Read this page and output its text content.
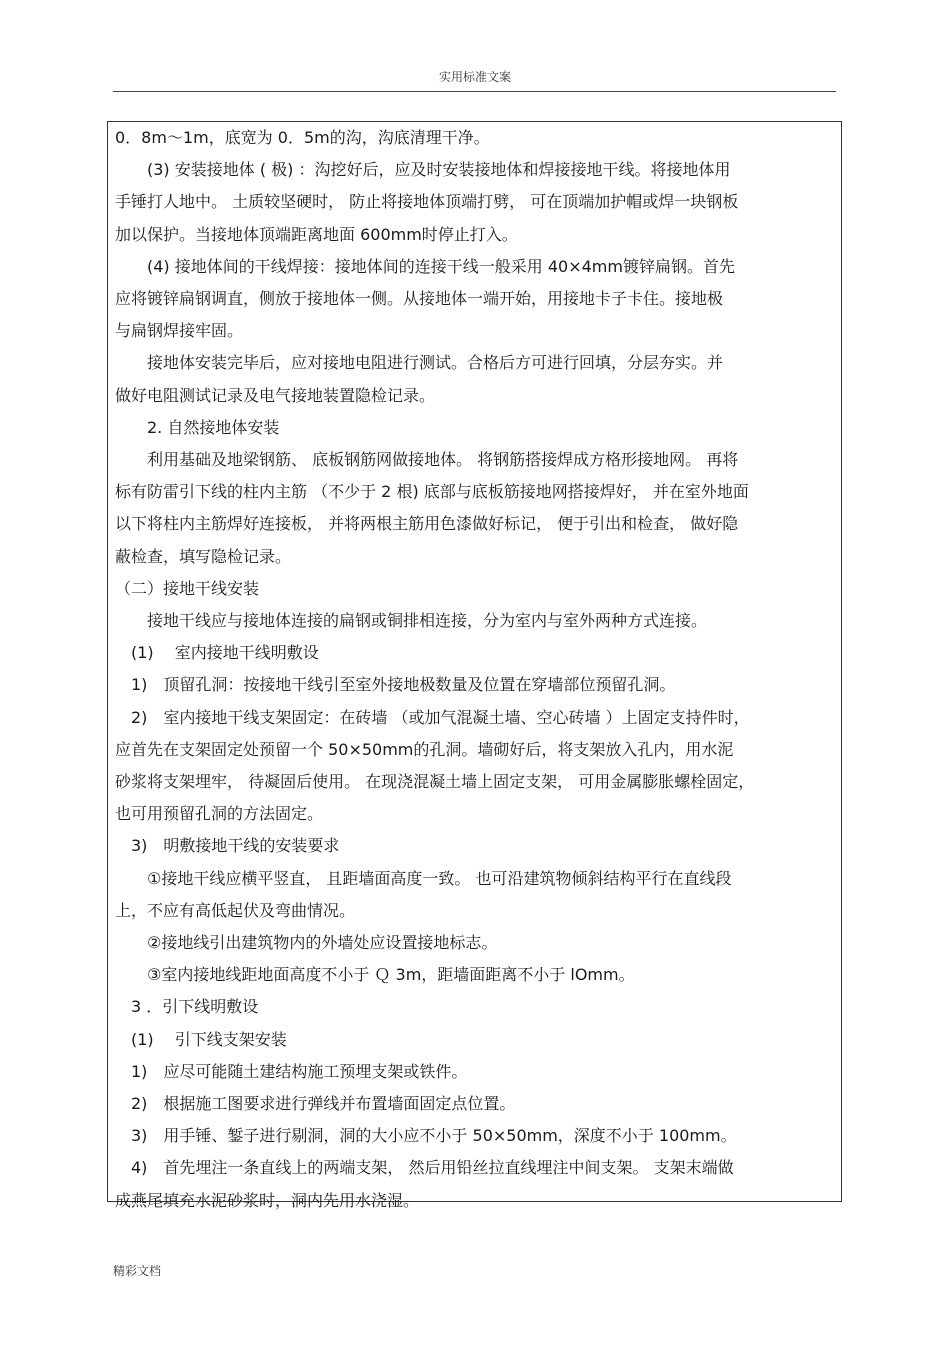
实用标准文案
0．8m～1m，底宽为 0．5m的沟，沟底清理干净。
　　(3) 安装接地体 ( 极) ：沟挖好后，应及时安装接地体和焊接接地干线。将接地体用
手锤打人地中。 土质较坚硬时， 防止将接地体顶端打劈， 可在顶端加护帽或焊一块钢板
加以保护。当接地体顶端距离地面 600mm时停止打入。
　　(4) 接地体间的干线焊接：接地体间的连接干线一般采用 40×4mm镀锌扁钢。首先
应将镀锌扁钢调直，侧放于接地体一侧。从接地体一端开始，用接地卡子卡住。接地极
与扁钢焊接牢固。
　　接地体安装完毕后，应对接地电阻进行测试。合格后方可进行回填，分层夯实。并
做好电阻测试记录及电气接地装置隐检记录。
　　2. 自然接地体安装
　　利用基础及地梁钢筋、 底板钢筋网做接地体。 将钢筋搭接焊成方格形接地网。 再将
标有防雷引下线的柱内主筋 （不少于 2 根) 底部与底板筋接地网搭接焊好， 并在室外地面
以下将柱内主筋焊好连接板， 并将两根主筋用色漆做好标记， 便于引出和检查， 做好隐
蔽检查，填写隐检记录。
（二）接地干线安装
　　接地干线应与接地体连接的扁钢或铜排相连接，分为室内与室外两种方式连接。
　(1)　 室内接地干线明敷设
　1)　顶留孔洞：按接地干线引至室外接地极数量及位置在穿墙部位预留孔洞。
　2)　室内接地干线支架固定：在砖墙 （或加气混凝土墙、空心砖墙 ）上固定支持件时，
应首先在支架固定处预留一个 50×50mm的孔洞。墙砌好后，将支架放入孔内，用水泥
砂浆将支架埋牢， 待凝固后使用。 在现浇混凝土墙上固定支架， 可用金属膨胀螺栓固定，
也可用预留孔洞的方法固定。
　3)　明敷接地干线的安装要求
　　①接地干线应横平竖直， 且距墙面高度一致。 也可沿建筑物倾斜结构平行在直线段
上，不应有高低起伏及弯曲情况。
　　②接地线引出建筑物内的外墙处应设置接地标志。
　　③室内接地线距地面高度不小于 Ｑ 3m，距墙面距离不小于 lOmm。
　3 ．引下线明敷设
　(1)　 引下线支架安装
　1)　应尽可能随土建结构施工预埋支架或铁件。
　2)　根据施工图要求进行弹线并布置墙面固定点位置。
　3)　用手锤、錾子进行剔洞，洞的大小应不小于 50×50mm，深度不小于 100mm。
　4)　首先埋注一条直线上的两端支架， 然后用铅丝拉直线埋注中间支架。 支架末端做
成燕尾填充水泥砂浆时，洞内先用水浇湿。
精彩文档
